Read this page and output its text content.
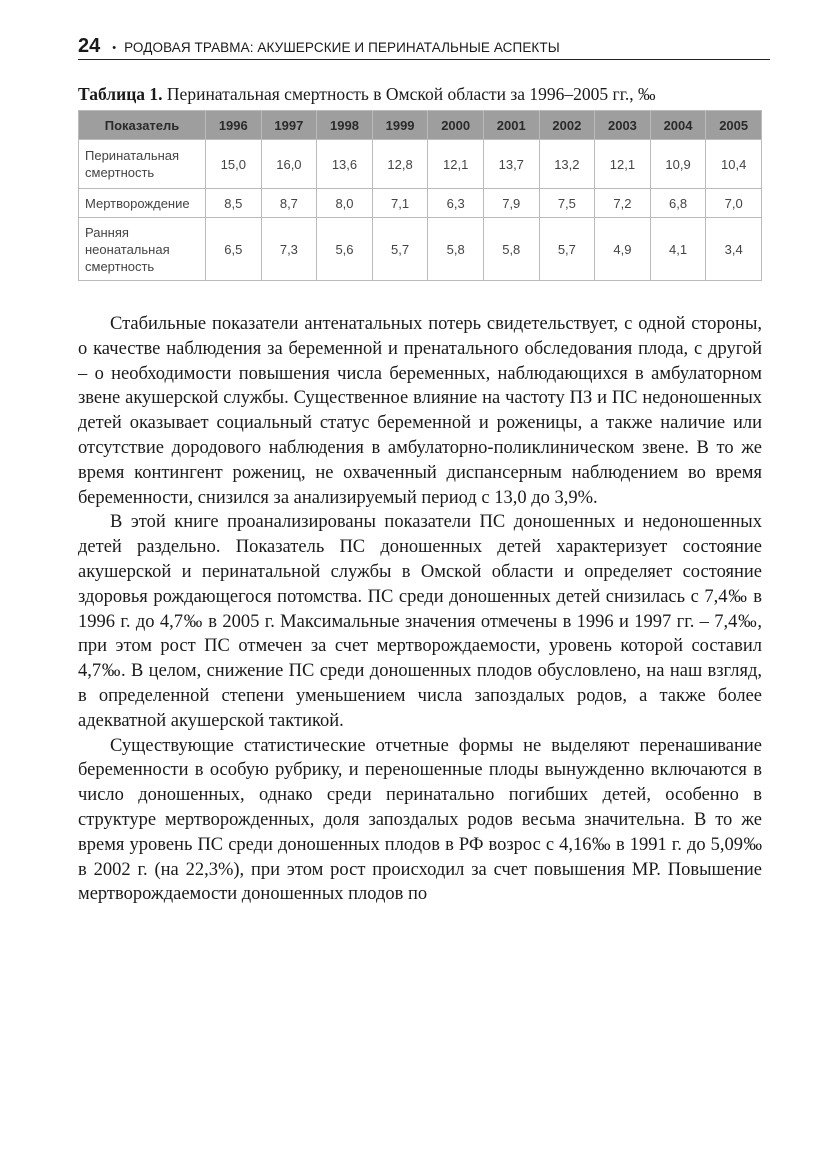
24 • РОДОВАЯ ТРАВМА: АКУШЕРСКИЕ И ПЕРИНАТАЛЬНЫЕ АСПЕКТЫ
Таблица 1. Перинатальная смертность в Омской области за 1996–2005 гг., ‰
Показатель	1996	1997	1998	1999	2000	2001	2002	2003	2004	2005
Перинатальная смертность	15,0	16,0	13,6	12,8	12,1	13,7	13,2	12,1	10,9	10,4
Мертворождение	8,5	8,7	8,0	7,1	6,3	7,9	7,5	7,2	6,8	7,0
Ранняя неонатальная смертность	6,5	7,3	5,6	5,7	5,8	5,8	5,7	4,9	4,1	3,4

Стабильные показатели антенатальных потерь свидетельствует, с одной стороны, о качестве наблюдения за беременной и пренатального обследования плода, с другой – о необходимости повышения числа беременных, наблюдающихся в амбулаторном звене акушерской службы. Существенное влияние на частоту ПЗ и ПС недоношенных детей оказывает социальный статус беременной и роженицы, а также наличие или отсутствие дородового наблюдения в амбулаторно-поликлиническом звене. В то же время контингент рожениц, не охваченный диспансерным наблюдением во время беременности, снизился за анализируемый период с 13,0 до 3,9%.

В этой книге проанализированы показатели ПС доношенных и недоношенных детей раздельно. Показатель ПС доношенных детей характеризует состояние акушерской и перинатальной службы в Омской области и определяет состояние здоровья рождающегося потомства. ПС среди доношенных детей снизилась с 7,4‰ в 1996 г. до 4,7‰ в 2005 г. Максимальные значения отмечены в 1996 и 1997 гг. – 7,4‰, при этом рост ПС отмечен за счет мертворождаемости, уровень которой составил 4,7‰. В целом, снижение ПС среди доношенных плодов обусловлено, на наш взгляд, в определенной степени уменьшением числа запоздалых родов, а также более адекватной акушерской тактикой.

Существующие статистические отчетные формы не выделяют перенашивание беременности в особую рубрику, и переношенные плоды вынужденно включаются в число доношенных, однако среди перинатально погибших детей, особенно в структуре мертворожденных, доля запоздалых родов весьма значительна. В то же время уровень ПС среди доношенных плодов в РФ возрос с 4,16‰ в 1991 г. до 5,09‰ в 2002 г. (на 22,3%), при этом рост происходил за счет повышения МР. Повышение мертворождаемости доношенных плодов по
